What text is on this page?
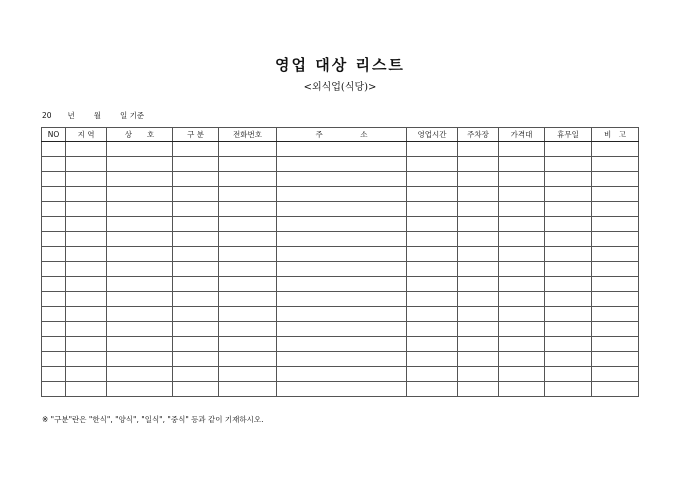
영업 대상 리스트
<외식업(식당)>
20 년	월	일 기준
NO	지 역	상　　호	구 분	전화번호	주　　　　　소	영업시간	주차장	가격대	휴무일	비　고

※ "구분"란은 "한식", "양식", "일식", "중식" 등과 같이 기재하시오.
